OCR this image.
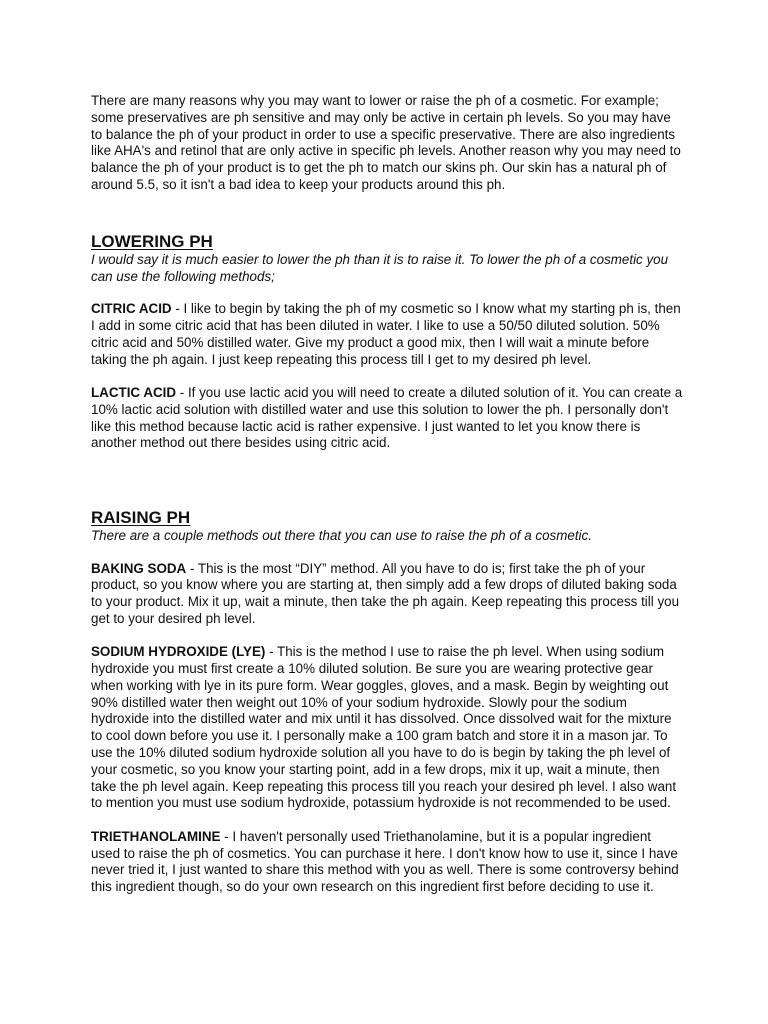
There are many reasons why you may want to lower or raise the ph of a cosmetic. For example; some preservatives are ph sensitive and may only be active in certain ph levels. So you may have to balance the ph of your product in order to use a specific preservative. There are also ingredients like AHA's and retinol that are only active in specific ph levels. Another reason why you may need to balance the ph of your product is to get the ph to match our skins ph. Our skin has a natural ph of around 5.5, so it isn't a bad idea to keep your products around this ph.

LOWERING PH

I would say it is much easier to lower the ph than it is to raise it. To lower the ph of a cosmetic you can use the following methods;

CITRIC ACID - I like to begin by taking the ph of my cosmetic so I know what my starting ph is, then I add in some citric acid that has been diluted in water. I like to use a 50/50 diluted solution. 50% citric acid and 50% distilled water. Give my product a good mix, then I will wait a minute before taking the ph again. I just keep repeating this process till I get to my desired ph level.

LACTIC ACID - If you use lactic acid you will need to create a diluted solution of it. You can create a 10% lactic acid solution with distilled water and use this solution to lower the ph. I personally don't like this method because lactic acid is rather expensive. I just wanted to let you know there is another method out there besides using citric acid.

RAISING PH

There are a couple methods out there that you can use to raise the ph of a cosmetic.

BAKING SODA - This is the most “DIY” method. All you have to do is; first take the ph of your product, so you know where you are starting at, then simply add a few drops of diluted baking soda to your product. Mix it up, wait a minute, then take the ph again. Keep repeating this process till you get to your desired ph level.

SODIUM HYDROXIDE (LYE) - This is the method I use to raise the ph level. When using sodium hydroxide you must first create a 10% diluted solution. Be sure you are wearing protective gear when working with lye in its pure form. Wear goggles, gloves, and a mask. Begin by weighting out 90% distilled water then weight out 10% of your sodium hydroxide. Slowly pour the sodium hydroxide into the distilled water and mix until it has dissolved. Once dissolved wait for the mixture to cool down before you use it. I personally make a 100 gram batch and store it in a mason jar. To use the 10% diluted sodium hydroxide solution all you have to do is begin by taking the ph level of your cosmetic, so you know your starting point, add in a few drops, mix it up, wait a minute, then take the ph level again. Keep repeating this process till you reach your desired ph level. I also want to mention you must use sodium hydroxide, potassium hydroxide is not recommended to be used.

TRIETHANOLAMINE - I haven't personally used Triethanolamine, but it is a popular ingredient used to raise the ph of cosmetics. You can purchase it here. I don't know how to use it, since I have never tried it, I just wanted to share this method with you as well. There is some controversy behind this ingredient though, so do your own research on this ingredient first before deciding to use it.
